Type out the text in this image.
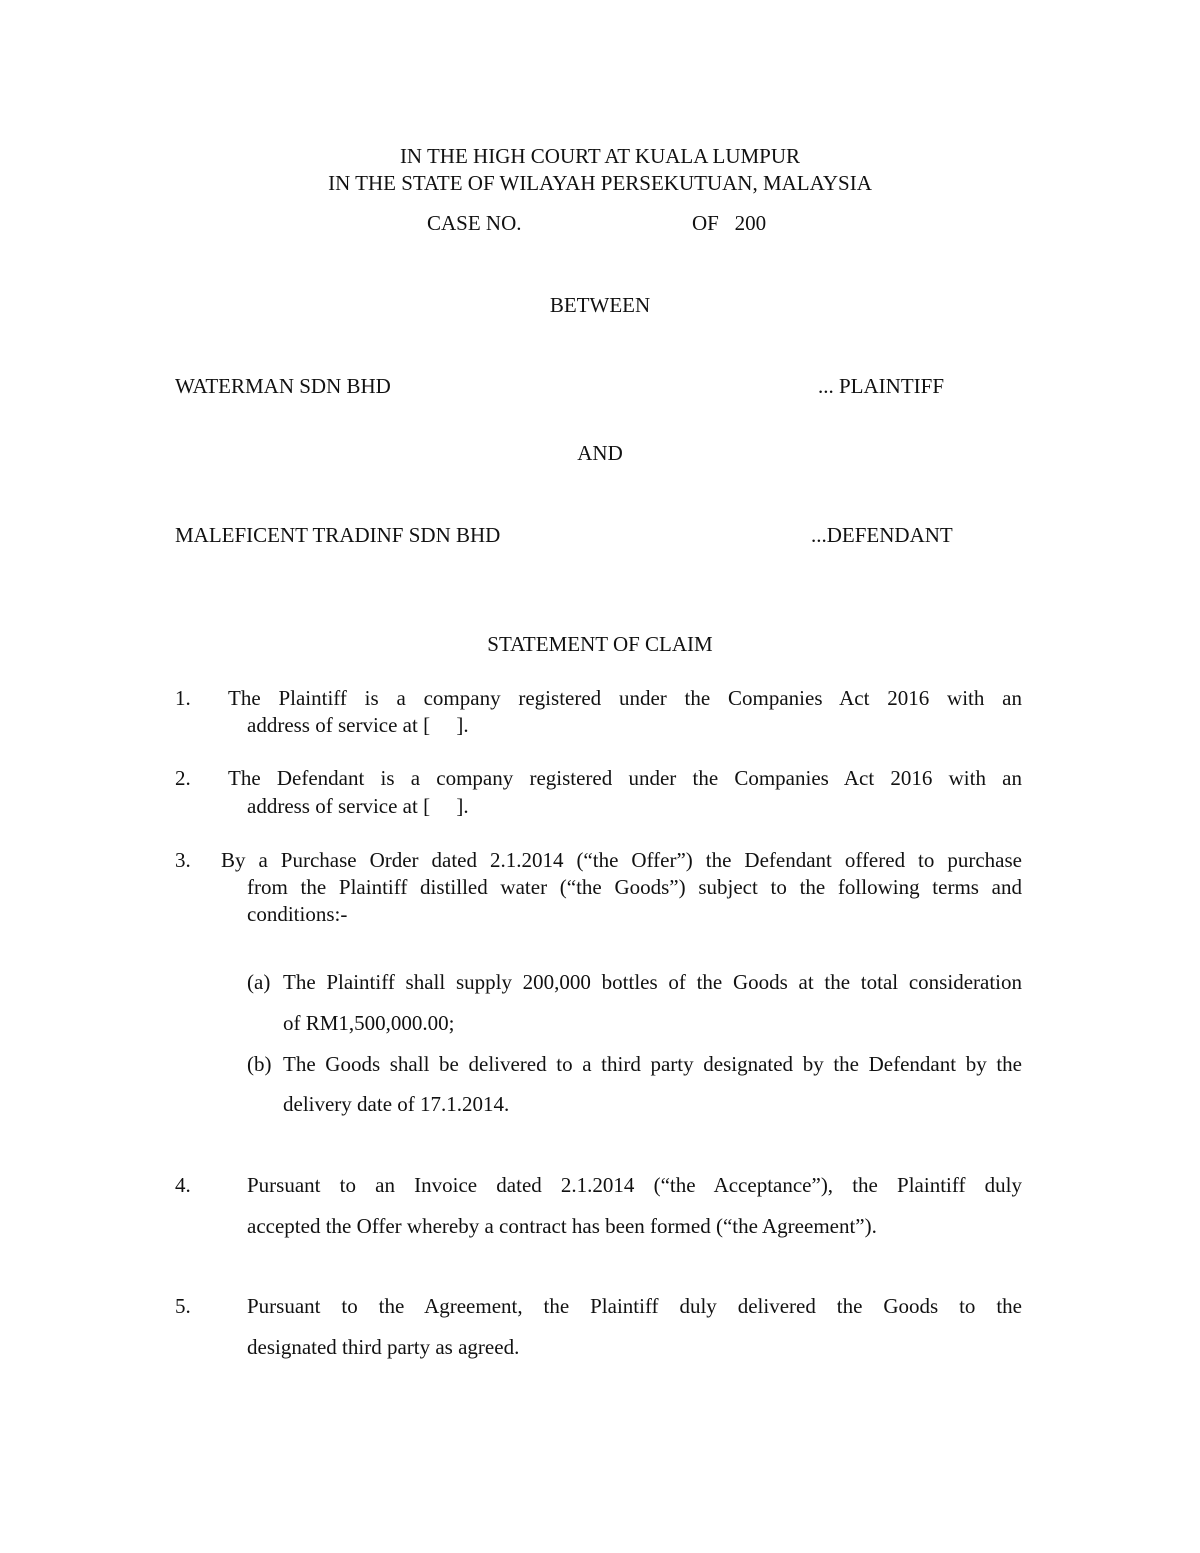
IN THE HIGH COURT AT KUALA LUMPUR
IN THE STATE OF WILAYAH PERSEKUTUAN, MALAYSIA
CASE NO.	OF   200
BETWEEN
WATERMAN SDN BHD	... PLAINTIFF
AND
MALEFICENT TRADINF SDN BHD	...DEFENDANT
STATEMENT OF CLAIM
1. The Plaintiff is a company registered under the Companies Act 2016 with an
address of service at [     ].
2. The Defendant is a company registered under the Companies Act 2016 with an
address of service at [     ].
3. By a Purchase Order dated 2.1.2014 (“the Offer”) the Defendant offered to purchase
from the Plaintiff distilled water (“the Goods”) subject to the following terms and
conditions:-
(a) The Plaintiff shall supply 200,000 bottles of the Goods at the total consideration
of RM1,500,000.00;
(b) The Goods shall be delivered to a third party designated by the Defendant by the
delivery date of 17.1.2014.
4.	Pursuant to an Invoice dated 2.1.2014 (“the Acceptance”), the Plaintiff duly
accepted the Offer whereby a contract has been formed (“the Agreement”).
5.	Pursuant to the Agreement, the Plaintiff duly delivered the Goods to the
designated third party as agreed.
